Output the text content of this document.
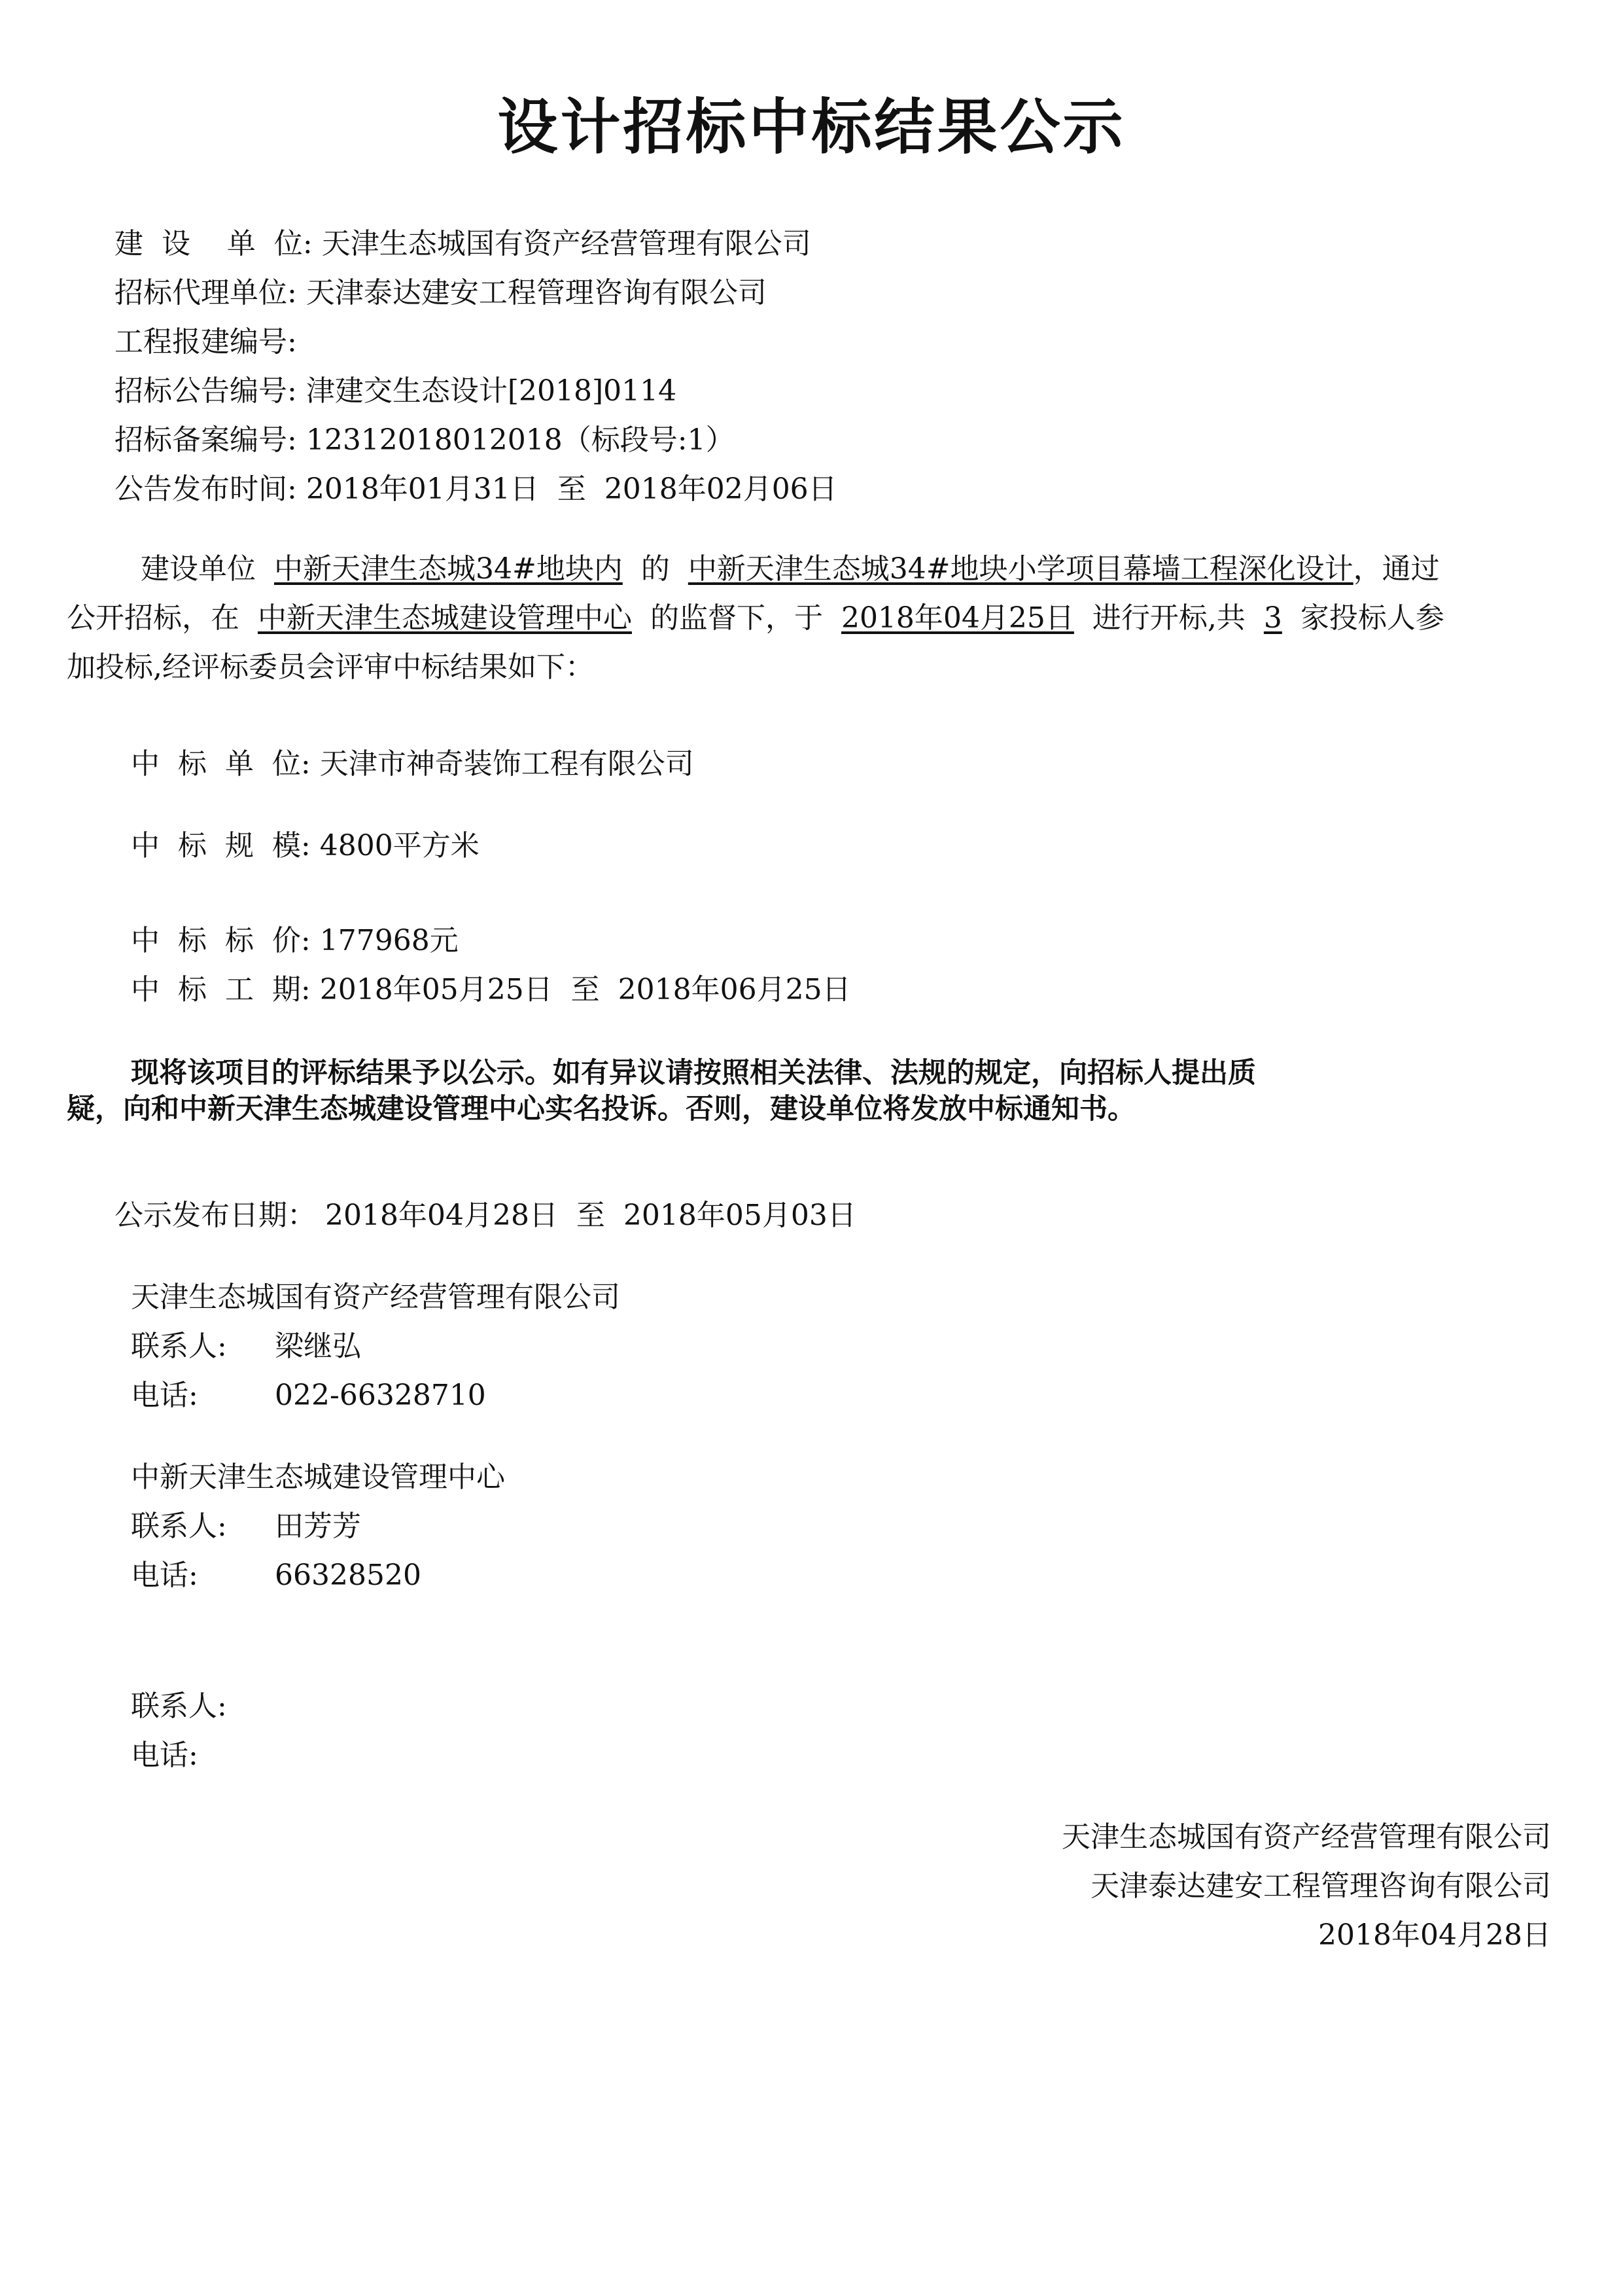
设计招标中标结果公示
建  设    单  位: 天津生态城国有资产经营管理有限公司
招标代理单位: 天津泰达建安工程管理咨询有限公司
工程报建编号:
招标公告编号: 津建交生态设计[2018]0114
招标备案编号: 12312018012018（标段号:1）
公告发布时间: 2018年01月31日  至  2018年02月06日
建设单位 中新天津生态城34#地块内 的 中新天津生态城34#地块小学项目幕墙工程深化设计，通过
公开招标，在 中新天津生态城建设管理中心 的监督下，于 2018年04月25日 进行开标,共 3 家投标人参
加投标,经评标委员会评审中标结果如下：
中  标  单  位: 天津市神奇装饰工程有限公司
中  标  规  模: 4800平方米
中  标  标  价: 177968元
中  标  工  期: 2018年05月25日  至  2018年06月25日
现将该项目的评标结果予以公示。如有异议请按照相关法律、法规的规定，向招标人提出质
疑，向和中新天津生态城建设管理中心实名投诉。否则，建设单位将发放中标通知书。
公示发布日期： 2018年04月28日  至  2018年05月03日
天津生态城国有资产经营管理有限公司
联系人: 梁继弘
电话:	022-66328710
中新天津生态城建设管理中心
联系人: 田芳芳
电话:	66328520
联系人:
电话:
天津生态城国有资产经营管理有限公司
天津泰达建安工程管理咨询有限公司
2018年04月28日
